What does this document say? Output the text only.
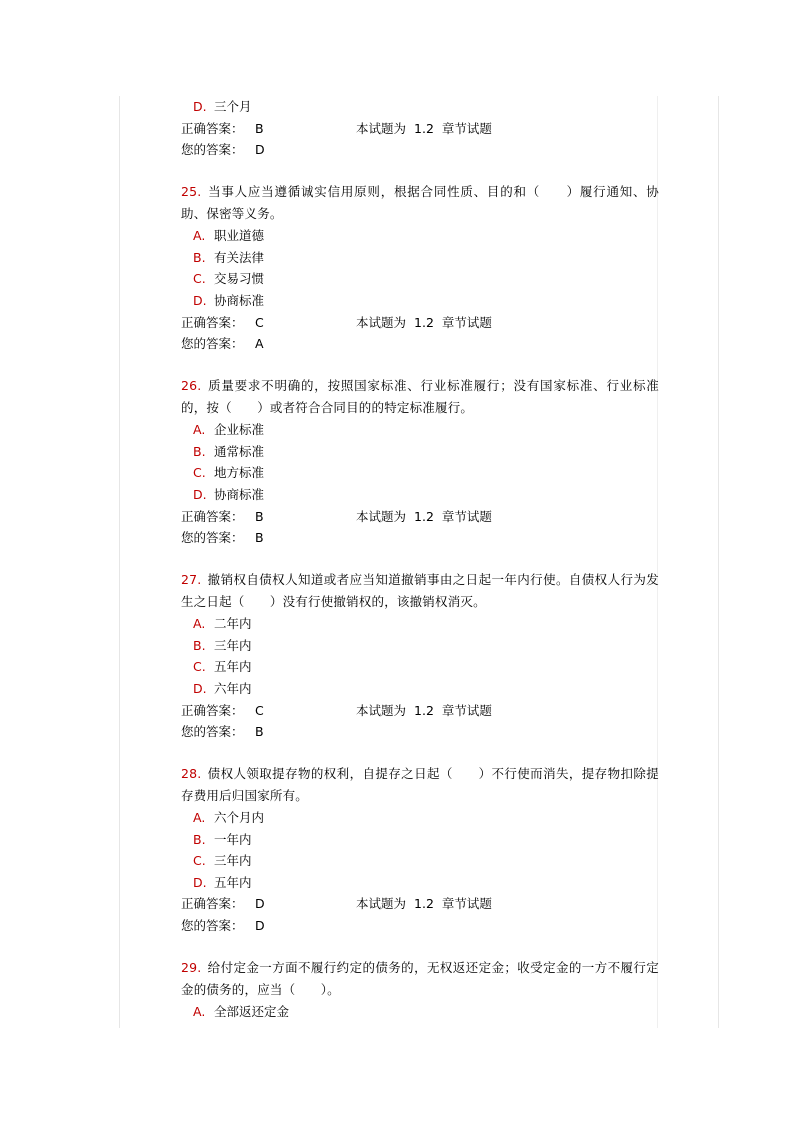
D. 三个月
正确答案： B	本试题为 1.2 章节试题
您的答案： D
25. 当事人应当遵循诚实信用原则，根据合同性质、目的和（　　）履行通知、协助、保密等义务。
A. 职业道德
B. 有关法律
C. 交易习惯
D. 协商标准
正确答案： C	本试题为 1.2 章节试题
您的答案： A
26. 质量要求不明确的，按照国家标准、行业标准履行；没有国家标准、行业标准的，按（　　）或者符合合同目的的特定标准履行。
A. 企业标准
B. 通常标准
C. 地方标准
D. 协商标准
正确答案： B	本试题为 1.2 章节试题
您的答案： B
27. 撤销权自债权人知道或者应当知道撤销事由之日起一年内行使。自债权人行为发生之日起（　　）没有行使撤销权的，该撤销权消灭。
A. 二年内
B. 三年内
C. 五年内
D. 六年内
正确答案： C	本试题为 1.2 章节试题
您的答案： B
28. 债权人领取提存物的权利，自提存之日起（　　）不行使而消失，提存物扣除提存费用后归国家所有。
A. 六个月内
B. 一年内
C. 三年内
D. 五年内
正确答案： D	本试题为 1.2 章节试题
您的答案： D
29. 给付定金一方面不履行约定的债务的，无权返还定金；收受定金的一方不履行定金的债务的，应当（　　）。
A. 全部返还定金
